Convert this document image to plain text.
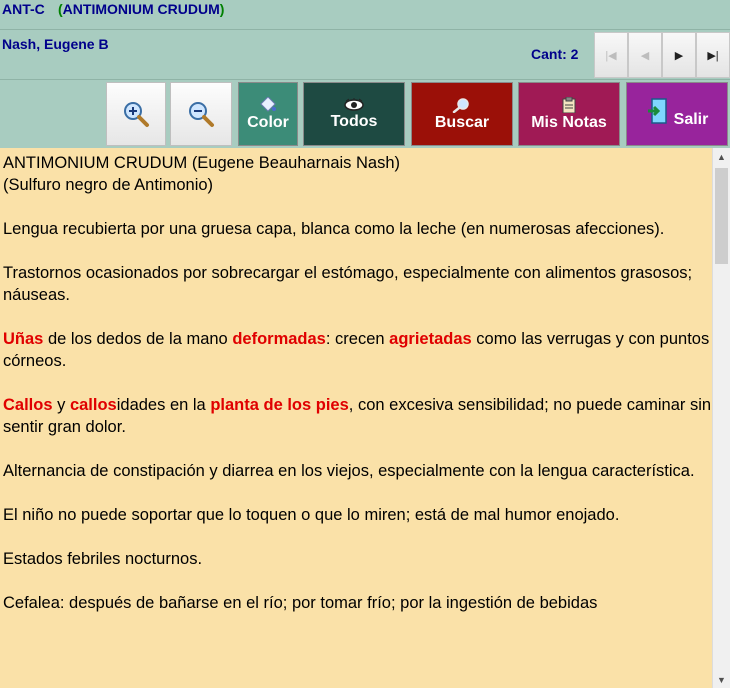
ANT-C (ANTIMONIUM CRUDUM)
Nash, Eugene B
Cant: 2 |◀ ◀ ▶ ▶|
Color	Todos	Buscar	Mis Notas	Salir

ANTIMONIUM CRUDUM (Eugene Beauharnais Nash)

(Sulfuro negro de Antimonio)

Lengua recubierta por una gruesa capa, blanca como la leche (en numerosas afecciones).

Trastornos ocasionados por sobrecargar el estómago, especialmente con alimentos grasosos; náuseas.

Uñas de los dedos de la mano deformadas: crecen agrietadas como las verrugas y con puntos córneos.

Callos y callosidades en la planta de los pies, con excesiva sensibilidad; no puede caminar sin sentir gran dolor.

Alternancia de constipación y diarrea en los viejos, especialmente con la lengua característica.

El niño no puede soportar que lo toquen o que lo miren; está de mal humor enojado.

Estados febriles nocturnos.

Cefalea: después de bañarse en el río; por tomar frío; por la ingestión de bebidas

▲
▼
